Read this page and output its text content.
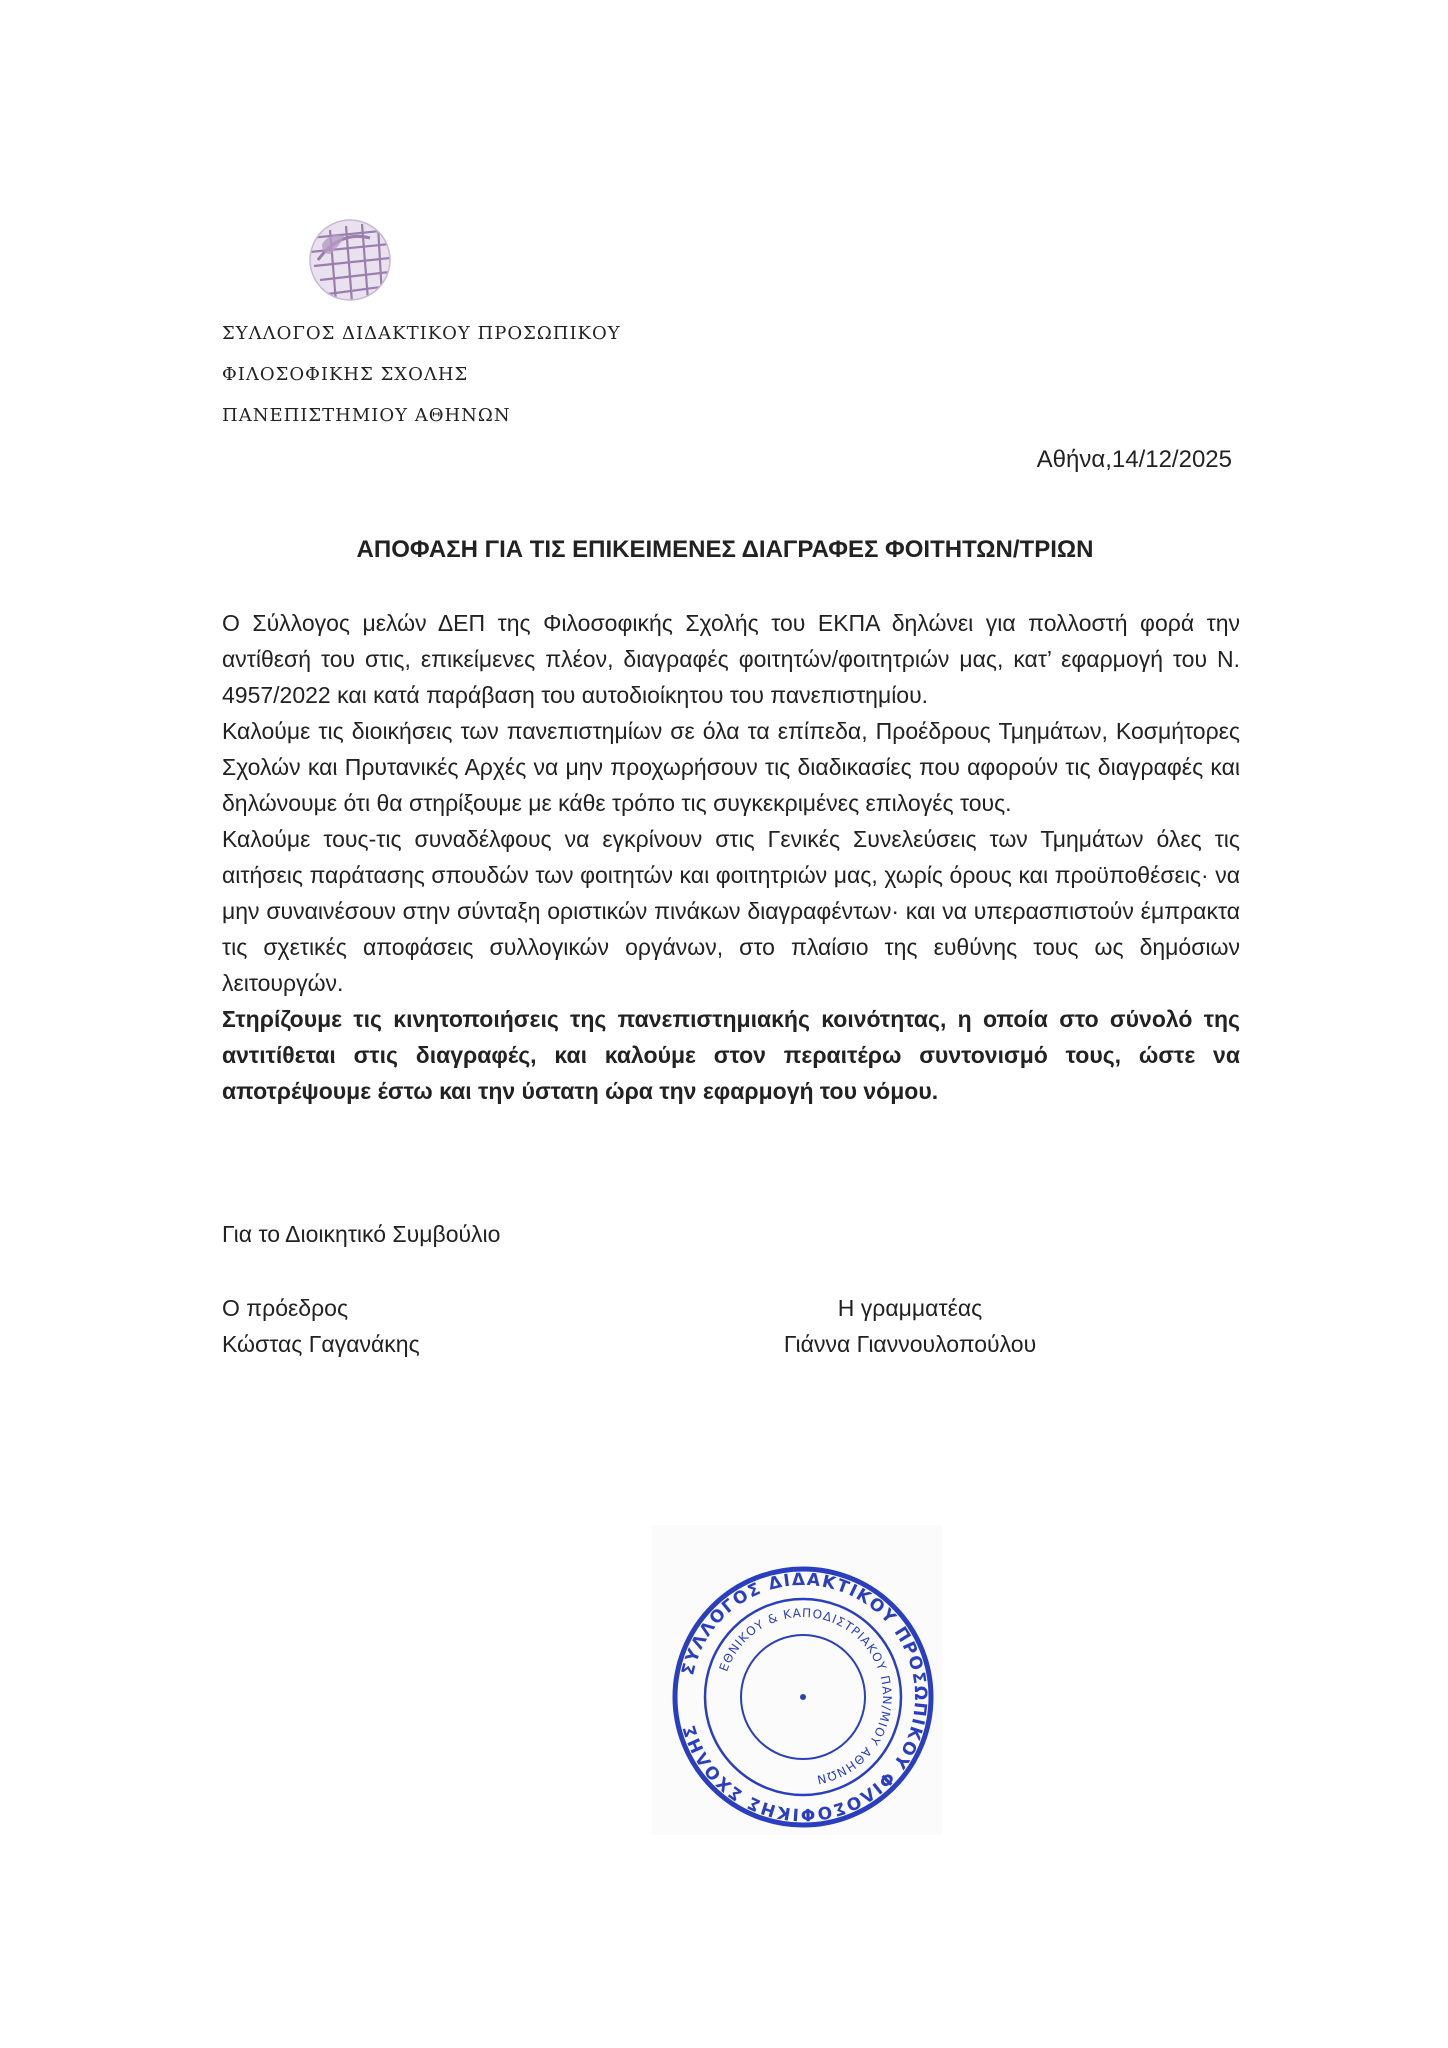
ΣΥΛΛΟΓΟΣ ΔΙΔΑΚΤΙΚΟΥ ΠΡΟΣΩΠΙΚΟΥ
ΦΙΛΟΣΟΦΙΚΗΣ ΣΧΟΛΗΣ
ΠΑΝΕΠΙΣΤΗΜΙΟΥ ΑΘΗΝΩΝ
Αθήνα,14/12/2025
ΑΠΟΦΑΣΗ ΓΙΑ ΤΙΣ ΕΠΙΚΕΙΜΕΝΕΣ ΔΙΑΓΡΑΦΕΣ ΦΟΙΤΗΤΩΝ/ΤΡΙΩΝ

Ο Σύλλογος μελών ΔΕΠ της Φιλοσοφικής Σχολής του ΕΚΠΑ δηλώνει για πολλοστή φορά την αντίθεσή του στις, επικείμενες πλέον, διαγραφές φοιτητών/φοιτητριών μας, κατ’ εφαρμογή του Ν. 4957/2022 και κατά παράβαση του αυτοδιοίκητου του πανεπιστημίου.

Καλούμε τις διοικήσεις των πανεπιστημίων σε όλα τα επίπεδα, Προέδρους Τμημάτων, Κοσμήτορες Σχολών και Πρυτανικές Αρχές να μην προχωρήσουν τις διαδικασίες που αφορούν τις διαγραφές και δηλώνουμε ότι θα στηρίξουμε με κάθε τρόπο τις συγκεκριμένες επιλογές τους.

Καλούμε τους-τις συναδέλφους να εγκρίνουν στις Γενικές Συνελεύσεις των Τμημάτων όλες τις αιτήσεις παράτασης σπουδών των φοιτητών και φοιτητριών μας, χωρίς όρους και προϋποθέσεις· να μην συναινέσουν στην σύνταξη οριστικών πινάκων διαγραφέντων· και να υπερασπιστούν έμπρακτα τις σχετικές αποφάσεις συλλογικών οργάνων, στο πλαίσιο της ευθύνης τους ως δημόσιων λειτουργών.

Στηρίζουμε τις κινητοποιήσεις της πανεπιστημιακής κοινότητας, η οποία στο σύνολό της αντιτίθεται στις διαγραφές, και καλούμε στον περαιτέρω συντονισμό τους, ώστε να αποτρέψουμε έστω και την ύστατη ώρα την εφαρμογή του νόμου.

Για το Διοικητικό Συμβούλιο
Ο πρόεδρος
Κώστας Γαγανάκης
Η γραμματέας
Γιάννα Γιαννουλοπούλου
ΣΥΛΛΟΓΟΣ ΔΙΔΑΚΤΙΚΟΥ ΠΡΟΣΩΠΙΚΟΥ ΦΙΛΟΣΟΦΙΚΗΣ ΣΧΟΛΗΣ
ΕΘΝΙΚΟΥ & ΚΑΠΟΔΙΣΤΡΙΑΚΟΥ ΠΑΝ/ΜΙΟΥ ΑΘΗΝΩΝ
